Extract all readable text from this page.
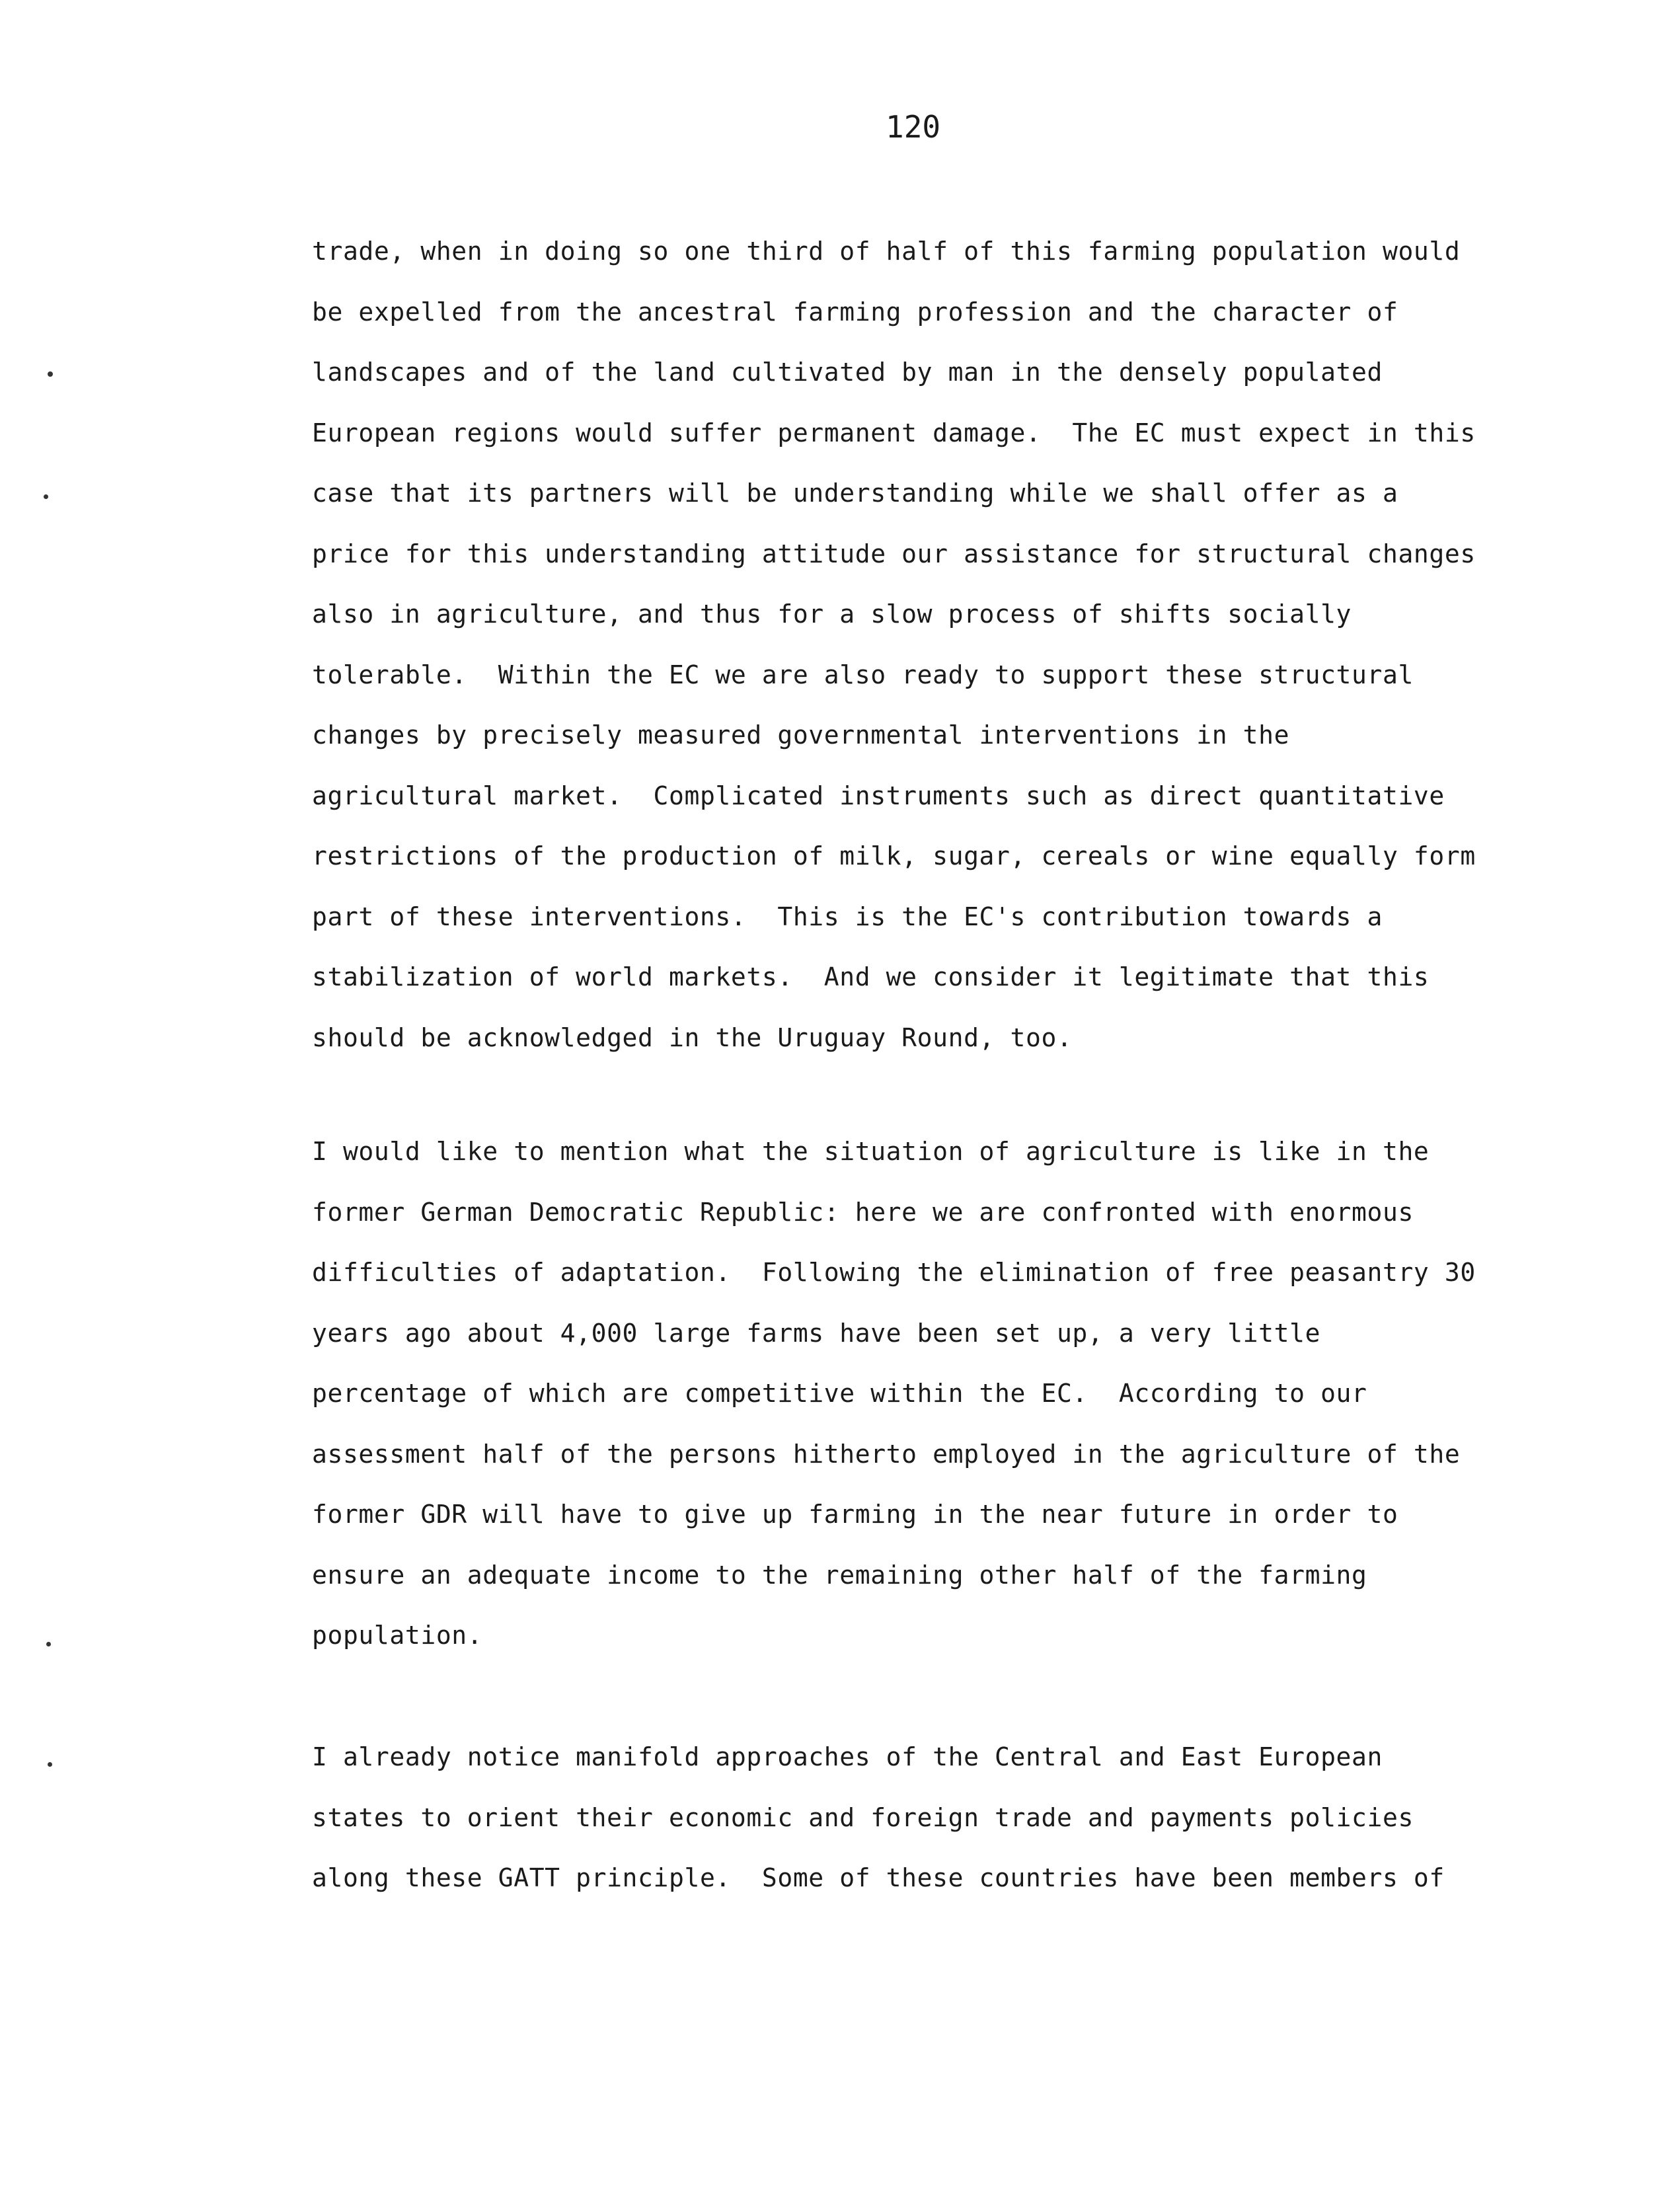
120
trade, when in doing so one third of half of this farming population would
be expelled from the ancestral farming profession and the character of
landscapes and of the land cultivated by man in the densely populated
European regions would suffer permanent damage.  The EC must expect in this
case that its partners will be understanding while we shall offer as a
price for this understanding attitude our assistance for structural changes
also in agriculture, and thus for a slow process of shifts socially
tolerable.  Within the EC we are also ready to support these structural
changes by precisely measured governmental interventions in the
agricultural market.  Complicated instruments such as direct quantitative
restrictions of the production of milk, sugar, cereals or wine equally form
part of these interventions.  This is the EC's contribution towards a
stabilization of world markets.  And we consider it legitimate that this
should be acknowledged in the Uruguay Round, too.
I would like to mention what the situation of agriculture is like in the
former German Democratic Republic: here we are confronted with enormous
difficulties of adaptation.  Following the elimination of free peasantry 30
years ago about 4,000 large farms have been set up, a very little
percentage of which are competitive within the EC.  According to our
assessment half of the persons hitherto employed in the agriculture of the
former GDR will have to give up farming in the near future in order to
ensure an adequate income to the remaining other half of the farming
population.
I already notice manifold approaches of the Central and East European
states to orient their economic and foreign trade and payments policies
along these GATT principle.  Some of these countries have been members of
